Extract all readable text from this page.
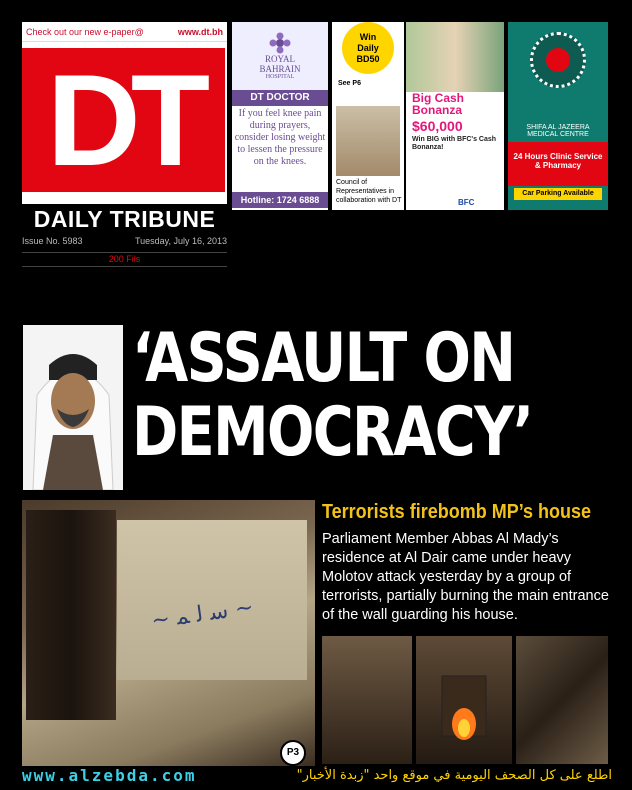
Check out our new e-paper@	www.dt.bh
DT
DAILY TRIBUNE
Issue No. 5983	Tuesday, July 16, 2013
200 Fils
ROYAL
BAHRAIN
HOSPITAL
DT DOCTOR
If you feel knee pain during prayers, consider losing weight to lessen the pressure on the knees.
Hotline: 1724 6888
Win
Daily
BD50
See P6
Council of Representatives in collaboration with DT
Big Cash Bonanza
$60,000
Win BIG with BFC's Cash Bonanza!
BFC
SHIFA AL JAZEERA MEDICAL CENTRE
24 Hours Clinic Service & Pharmacy
Car Parking Available
‘ASSAULT ON
DEMOCRACY’
~ ﺳ ﻟ ﻤ ~
P3
Terrorists firebomb MP’s house
Parliament Member Abbas Al Mady’s residence at Al Dair came under heavy Molotov attack yesterday by a group of terrorists, partially burning the main entrance of the wall guarding his house.
www.alzebda.com	اطلع على كل الصحف اليومية في موقع واحد "زبدة الأخبار"
